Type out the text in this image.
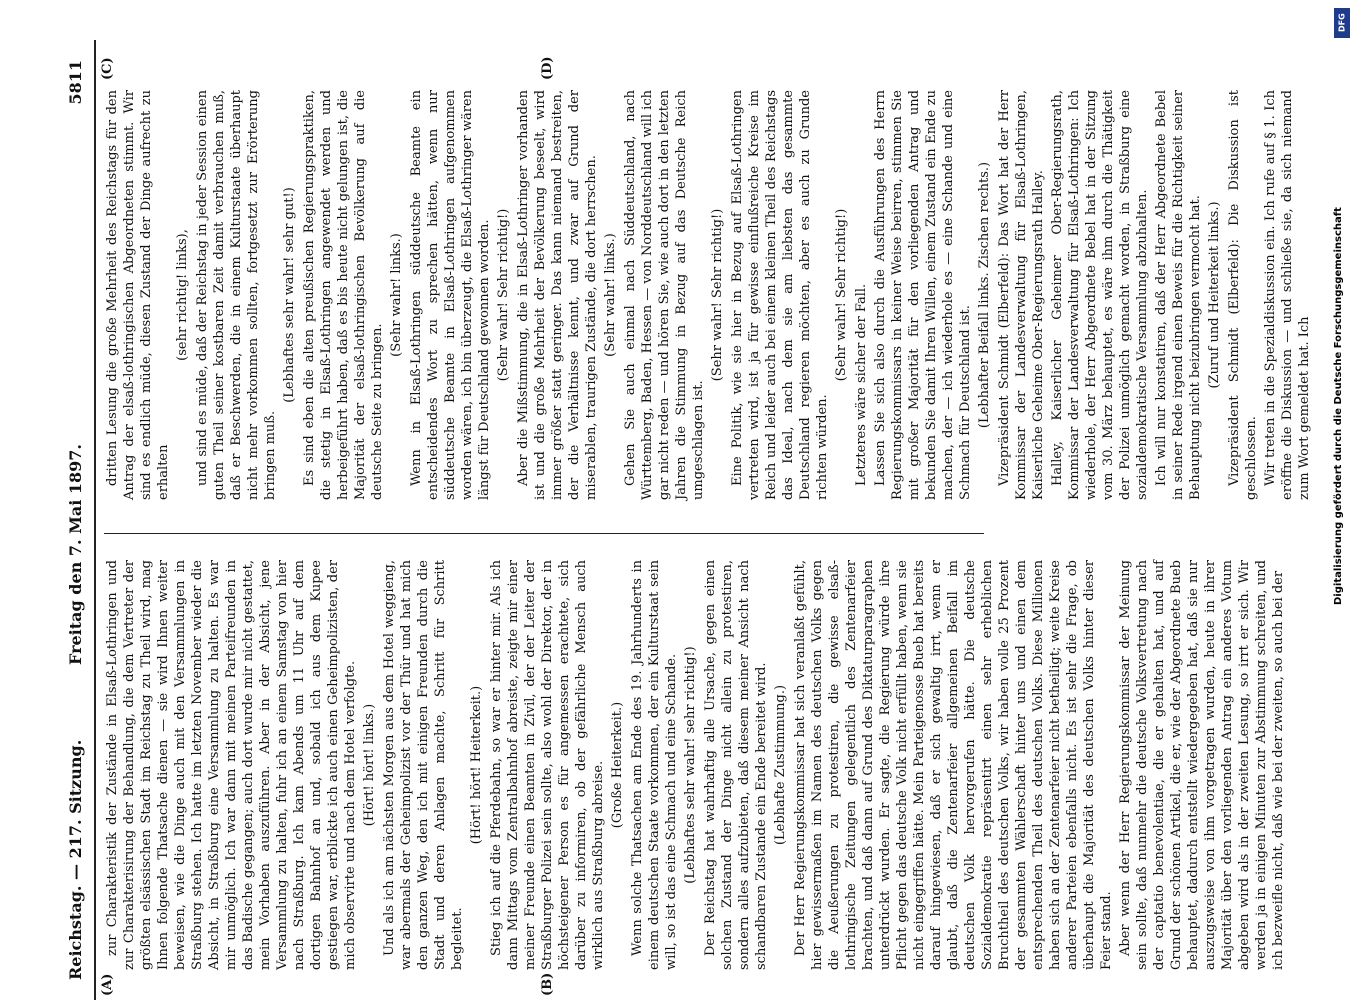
DFG
Digitalisierung gefördert durch die Deutsche Forschungsgemeinschaft
Reichstag. — 217. Sitzung.
Freitag den 7. Mai 1897.
5811
(A)	(B)
(C)	(D)

zur Charakteristik der Zustände in Elsaß-Lothringen und zur Charakterisirung der Behandlung, die dem Vertreter der größten elsässischen Stadt im Reichstag zu Theil wird, mag Ihnen folgende Thatsache dienen — sie wird Ihnen weiter beweisen, wie die Dinge auch mit den Versammlungen in Straßburg stehen. Ich hatte im letzten November wieder die Absicht, in Straßburg eine Versammlung zu halten. Es war mir unmöglich. Ich war dann mit meinen Parteifreunden in das Badische gegangen; auch dort wurde mir nicht gestattet, mein Vorhaben auszuführen. Aber in der Absicht, jene Versammlung zu halten, fuhr ich an einem Samstag von hier nach Straßburg. Ich kam Abends um 11 Uhr auf dem dortigen Bahnhof an und, sobald ich aus dem Kupee gestiegen war, erblickte ich auch einen Geheimpolizisten, der mich observirte und nach dem Hotel verfolgte. (Hört! hört! links.) Und als ich am nächsten Morgen aus dem Hotel weggieng, war abermals der Geheimpolizist vor der Thür und hat mich den ganzen Weg, den ich mit einigen Freunden durch die Stadt und deren Anlagen machte, Schritt für Schritt begleitet.

(Hört! hört! Heiterkeit.) Stieg ich auf die Pferdebahn, so war er hinter mir. Als ich dann Mittags vom Zentralbahnhof abreiste, zeigte mir einer meiner Freunde einen Beamten in Zivil, der der Leiter der Straßburger Polizei sein sollte, also wohl der Direktor, der in höchsteigener Person es für angemessen erachtete, sich darüber zu informiren, ob der gefährliche Mensch auch wirklich aus Straßburg abreise. (Große Heiterkeit.) Wenn solche Thatsachen am Ende des 19. Jahrhunderts in einem deutschen Staate vorkommen, der ein Kulturstaat sein will, so ist das eine Schmach und eine Schande. (Lebhaftes sehr wahr! sehr richtig!) Der Reichstag hat wahrhaftig alle Ursache, gegen einen solchen Zustand der Dinge nicht allein zu protestiren, sondern alles aufzubieten, daß diesem meiner Ansicht nach schandbaren Zustande ein Ende bereitet wird. (Lebhafte Zustimmung.) Der Herr Regierungskommissar hat sich veranlaßt gefühlt, hier gewissermaßen im Namen des deutschen Volks gegen die Aeußerungen zu protestiren, die gewisse elsaß-lothringische Zeitungen gelegentlich des Zentenarfeier brachten, und daß dann auf Grund des Diktaturparagraphen unterdrückt wurden. Er sagte, die Regierung würde ihre Pflicht gegen das deutsche Volk nicht erfüllt haben, wenn sie nicht eingegriffen hätte. Mein Parteigenosse Bueb hat bereits darauf hingewiesen, daß er sich gewaltig irrt, wenn er glaubt, daß die Zentenarfeier allgemeinen Beifall im deutschen Volk hervorgerufen hätte. Die deutsche Sozialdemokratie repräsentirt einen sehr erheblichen Bruchtheil des deutschen Volks, wir haben volle 25 Prozent der gesammten Wählerschaft hinter uns und einen dem entsprechenden Theil des deutschen Volks. Diese Millionen haben sich an der Zentenarfeier nicht betheiligt; weite Kreise anderer Parteien ebenfalls nicht. Es ist sehr die Frage, ob überhaupt die Majorität des deutschen Volks hinter dieser Feier stand. Aber wenn der Herr Regierungskommissar der Meinung sein sollte, daß nunmehr die deutsche Volksvertretung nach der captatio benevolentiae, die er gehalten hat, und auf Grund der schönen Artikel, die er, wie der Abgeordnete Bueb behauptet, dadurch entstellt wiedergegeben hat, daß sie nur auszugsweise von ihm vorgetragen wurden, heute in ihrer Majorität über den vorliegenden Antrag ein anderes Votum abgeben wird als in der zweiten Lesung, so irrt er sich. Wir werden ja in einigen Minuten zur Abstimmung schreiten, und ich bezweifle nicht, daß wie bei der zweiten, so auch bei der

dritten Lesung die große Mehrheit des Reichstags für den Antrag der elsaß-lothringischen Abgeordneten stimmt. Wir sind es endlich müde, diesen Zustand der Dinge aufrecht zu erhalten

(sehr richtig! links), und sind es müde, daß der Reichstag in jeder Session einen guten Theil seiner kostbaren Zeit damit verbrauchen muß, daß er Beschwerden, die in einem Kulturstaate überhaupt nicht mehr vorkommen sollten, fortgesetzt zur Erörterung bringen muß.

(Lebhaftes sehr wahr! sehr gut!) Es sind eben die alten preußischen Regierungspraktiken, die stetig in Elsaß-Lothringen angewendet werden und herbeigeführt haben, daß es bis heute nicht gelungen ist, die Majorität der elsaß-lothringischen Bevölkerung auf die deutsche Seite zu bringen.

(Sehr wahr! links.) Wenn in Elsaß-Lothringen süddeutsche Beamte ein entscheidendes Wort zu sprechen hätten, wenn nur süddeutsche Beamte in Elsaß-Lothringen aufgenommen worden wären, ich bin überzeugt, die Elsaß-Lothringer wären längst für Deutschland gewonnen worden. (Sehr wahr! Sehr richtig!) Aber die Mißstimmung, die in Elsaß-Lothringer vorhanden ist und die große Mehrheit der Bevölkerung beseelt, wird immer größer statt geringer. Das kann niemand bestreiten, der die Verhältnisse kennt, und zwar auf Grund der miserablen, traurigen Zustände, die dort herrschen. (Sehr wahr! links.) Gehen Sie auch einmal nach Süddeutschland, nach Württemberg, Baden, Hessen — von Norddeutschland will ich gar nicht reden — und hören Sie, wie auch dort in den letzten Jahren die Stimmung in Bezug auf das Deutsche Reich umgeschlagen ist.

(Sehr wahr! Sehr richtig!) Eine Politik, wie sie hier in Bezug auf Elsaß-Lothringen vertreten wird, ist ja für gewisse einflußreiche Kreise im Reich und leider auch bei einem kleinen Theil des Reichstags das Ideal, nach dem sie am liebsten das gesammte Deutschland regieren möchten, aber es auch zu Grunde richten würden.

(Sehr wahr! Sehr richtig!) Letzteres wäre sicher der Fall. Lassen Sie sich also durch die Ausführungen des Herrn Regierungskommissars in keiner Weise beirren, stimmen Sie mit großer Majorität für den vorliegenden Antrag und bekunden Sie damit Ihren Willen, einem Zustand ein Ende zu machen, der — ich wiederhole es — eine Schande und eine Schmach für Deutschland ist. (Lebhafter Beifall links. Zischen rechts.) Vizepräsident Schmidt (Elberfeld): Das Wort hat der Herr Kommissar der Landesverwaltung für Elsaß-Lothringen, Kaiserliche Geheime Ober-Regierungsrath Halley. Halley, Kaiserlicher Geheimer Ober-Regierungsrath, Kommissar der Landesverwaltung für Elsaß-Lothringen: Ich wiederhole, der Herr Abgeordnete Bebel hat in der Sitzung vom 30. März behauptet, es wäre ihm durch die Thätigkeit der Polizei unmöglich gemacht worden, in Straßburg eine sozialdemokratische Versammlung abzuhalten. Ich will nur konstatiren, daß der Herr Abgeordnete Bebel in seiner Rede irgend einen Beweis für die Richtigkeit seiner Behauptung nicht beizubringen vermocht hat. (Zuruf und Heiterkeit links.) Vizepräsident Schmidt (Elberfeld): Die Diskussion ist geschlossen. Wir treten in die Spezialdiskussion ein. Ich rufe auf § 1. Ich eröffne die Diskussion — und schließe sie, da sich niemand zum Wort gemeldet hat. Ich
